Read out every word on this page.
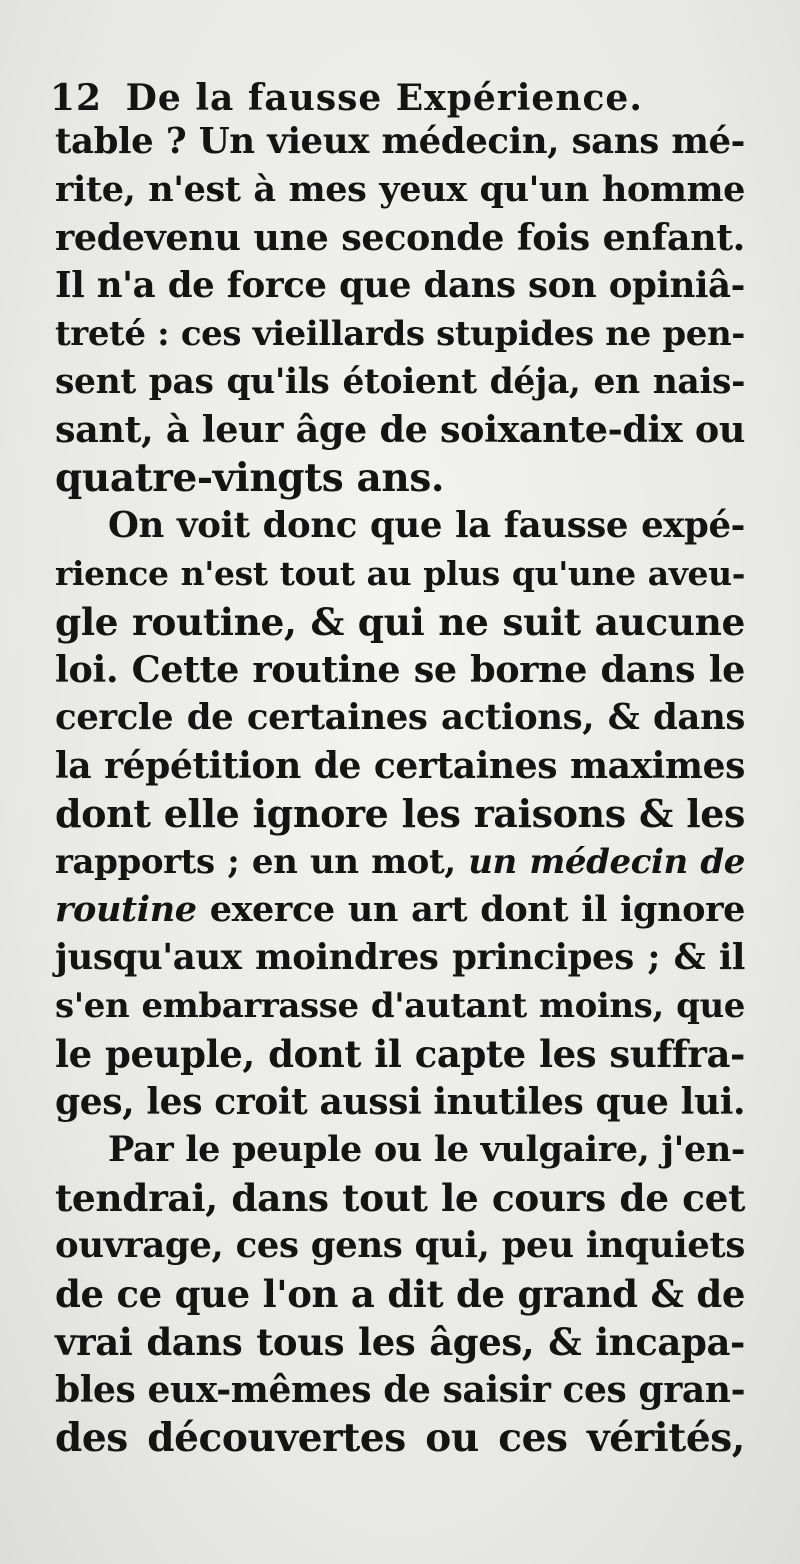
12 De la fausse Expérience.
table ? Un vieux médecin, sans mé-
rite, n'est à mes yeux qu'un homme
redevenu une seconde fois enfant.
Il n'a de force que dans son opiniâ-
treté : ces vieillards stupides ne pen-
sent pas qu'ils étoient déja, en nais-
sant, à leur âge de soixante-dix ou
quatre-vingts ans.
On voit donc que la fausse expé-
rience n'est tout au plus qu'une aveu-
gle routine, & qui ne suit aucune
loi. Cette routine se borne dans le
cercle de certaines actions, & dans
la répétition de certaines maximes
dont elle ignore les raisons & les
rapports ; en un mot, un médecin de
routine exerce un art dont il ignore
jusqu'aux moindres principes ; & il
s'en embarrasse d'autant moins, que
le peuple, dont il capte les suffra-
ges, les croit aussi inutiles que lui.
Par le peuple ou le vulgaire, j'en-
tendrai, dans tout le cours de cet
ouvrage, ces gens qui, peu inquiets
de ce que l'on a dit de grand & de
vrai dans tous les âges, & incapa-
bles eux-mêmes de saisir ces gran-
des découvertes ou ces vérités,
